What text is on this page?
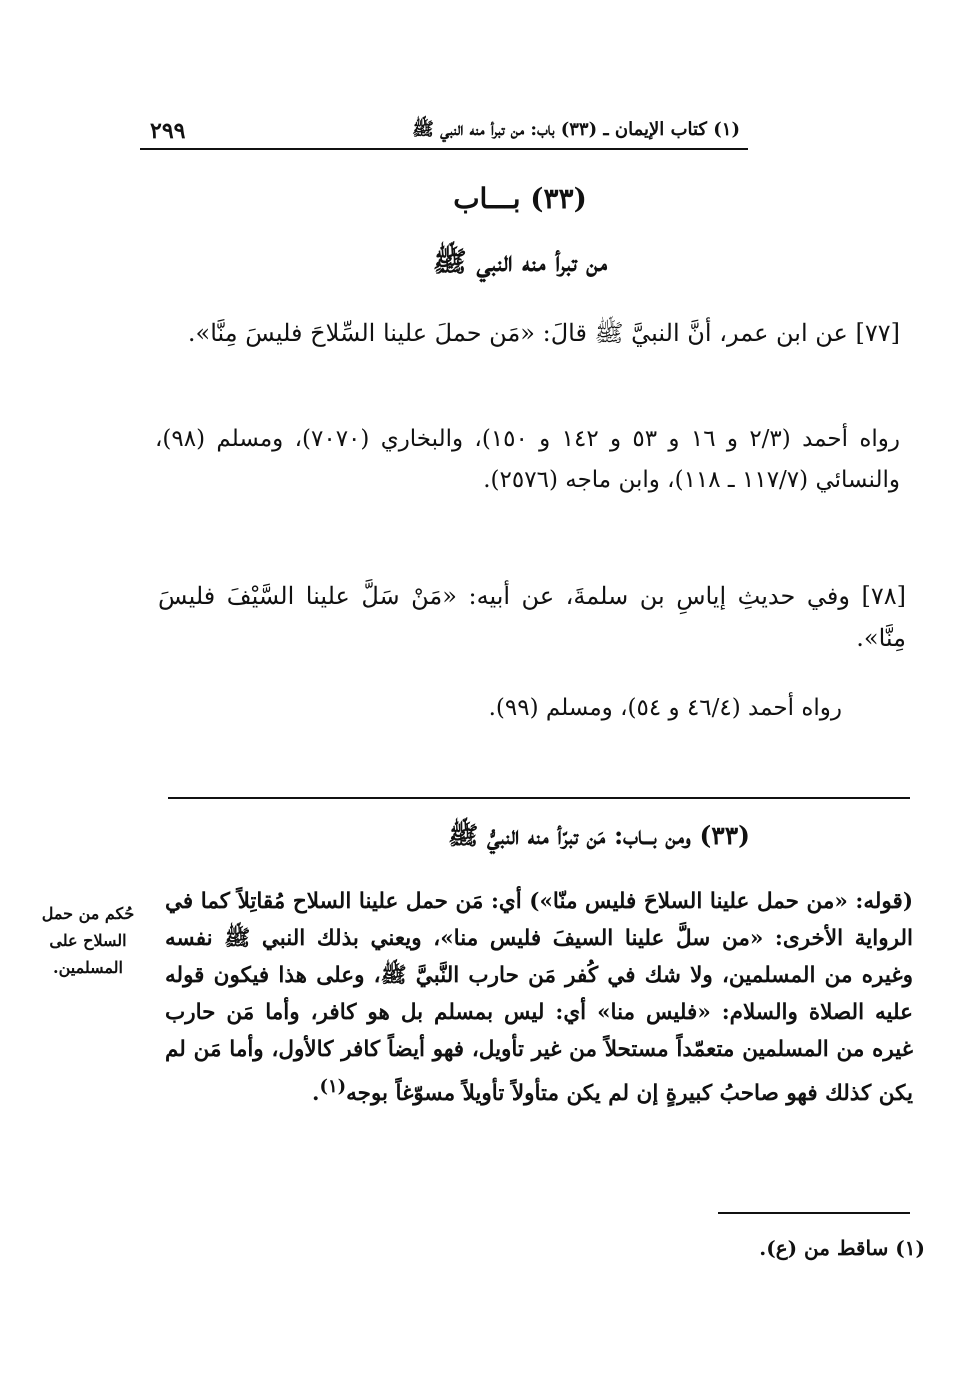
٢٩٩	(١) كتاب الإيمان ـ (٣٣) باب: من تبرأ منه النبي ﷺ
(٣٣) بـــاب
من تبرأ منه النبي ﷺ
[٧٧] عن ابن عمر، أنَّ النبيَّ ﷺ قالَ: «مَن حملَ علينا السِّلاحَ فليسَ مِنَّا».
رواه أحمد (٢/٣ و ١٦ و ٥٣ و ١٤٢ و ١٥٠)، والبخاري (٧٠٧٠)، ومسلم (٩٨)، والنسائي (١١٧/٧ ـ ١١٨)، وابن ماجه (٢٥٧٦).
[٧٨] وفي حديثِ إياسِ بن سلمةَ، عن أبيه: «مَنْ سَلَّ علينا السَّيْفَ فليسَ مِنَّا».
رواه أحمد (٤٦/٤ و ٥٤)، ومسلم (٩٩).
(٣٣) ومن بـــاب: مَن تبرّأ منه النبيُّ ﷺ
(قوله: «من حمل علينا السلاحَ فليس منّا») أي: مَن حمل علينا السلاح مُقاتِلاً كما في الرواية الأخرى: «من سلَّ علينا السيفَ فليس منا»، ويعني بذلك النبي ﷺ نفسه وغيره من المسلمين، ولا شك في كُفر مَن حارب النَّبيَّ ﷺ، وعلى هذا فيكون قوله عليه الصلاة والسلام: «فليس منا» أي: ليس بمسلم بل هو كافر، وأما مَن حارب غيره من المسلمين متعمّداً مستحلاً من غير تأويل، فهو أيضاً كافر كالأول، وأما مَن لم يكن كذلك فهو صاحبُ كبيرةٍ إن لم يكن متأولاً تأويلاً مسوّغاً بوجه$^{(١)}$.
حُكم من حمل السلاح على المسلمين.
(١) ساقط من (ع).
